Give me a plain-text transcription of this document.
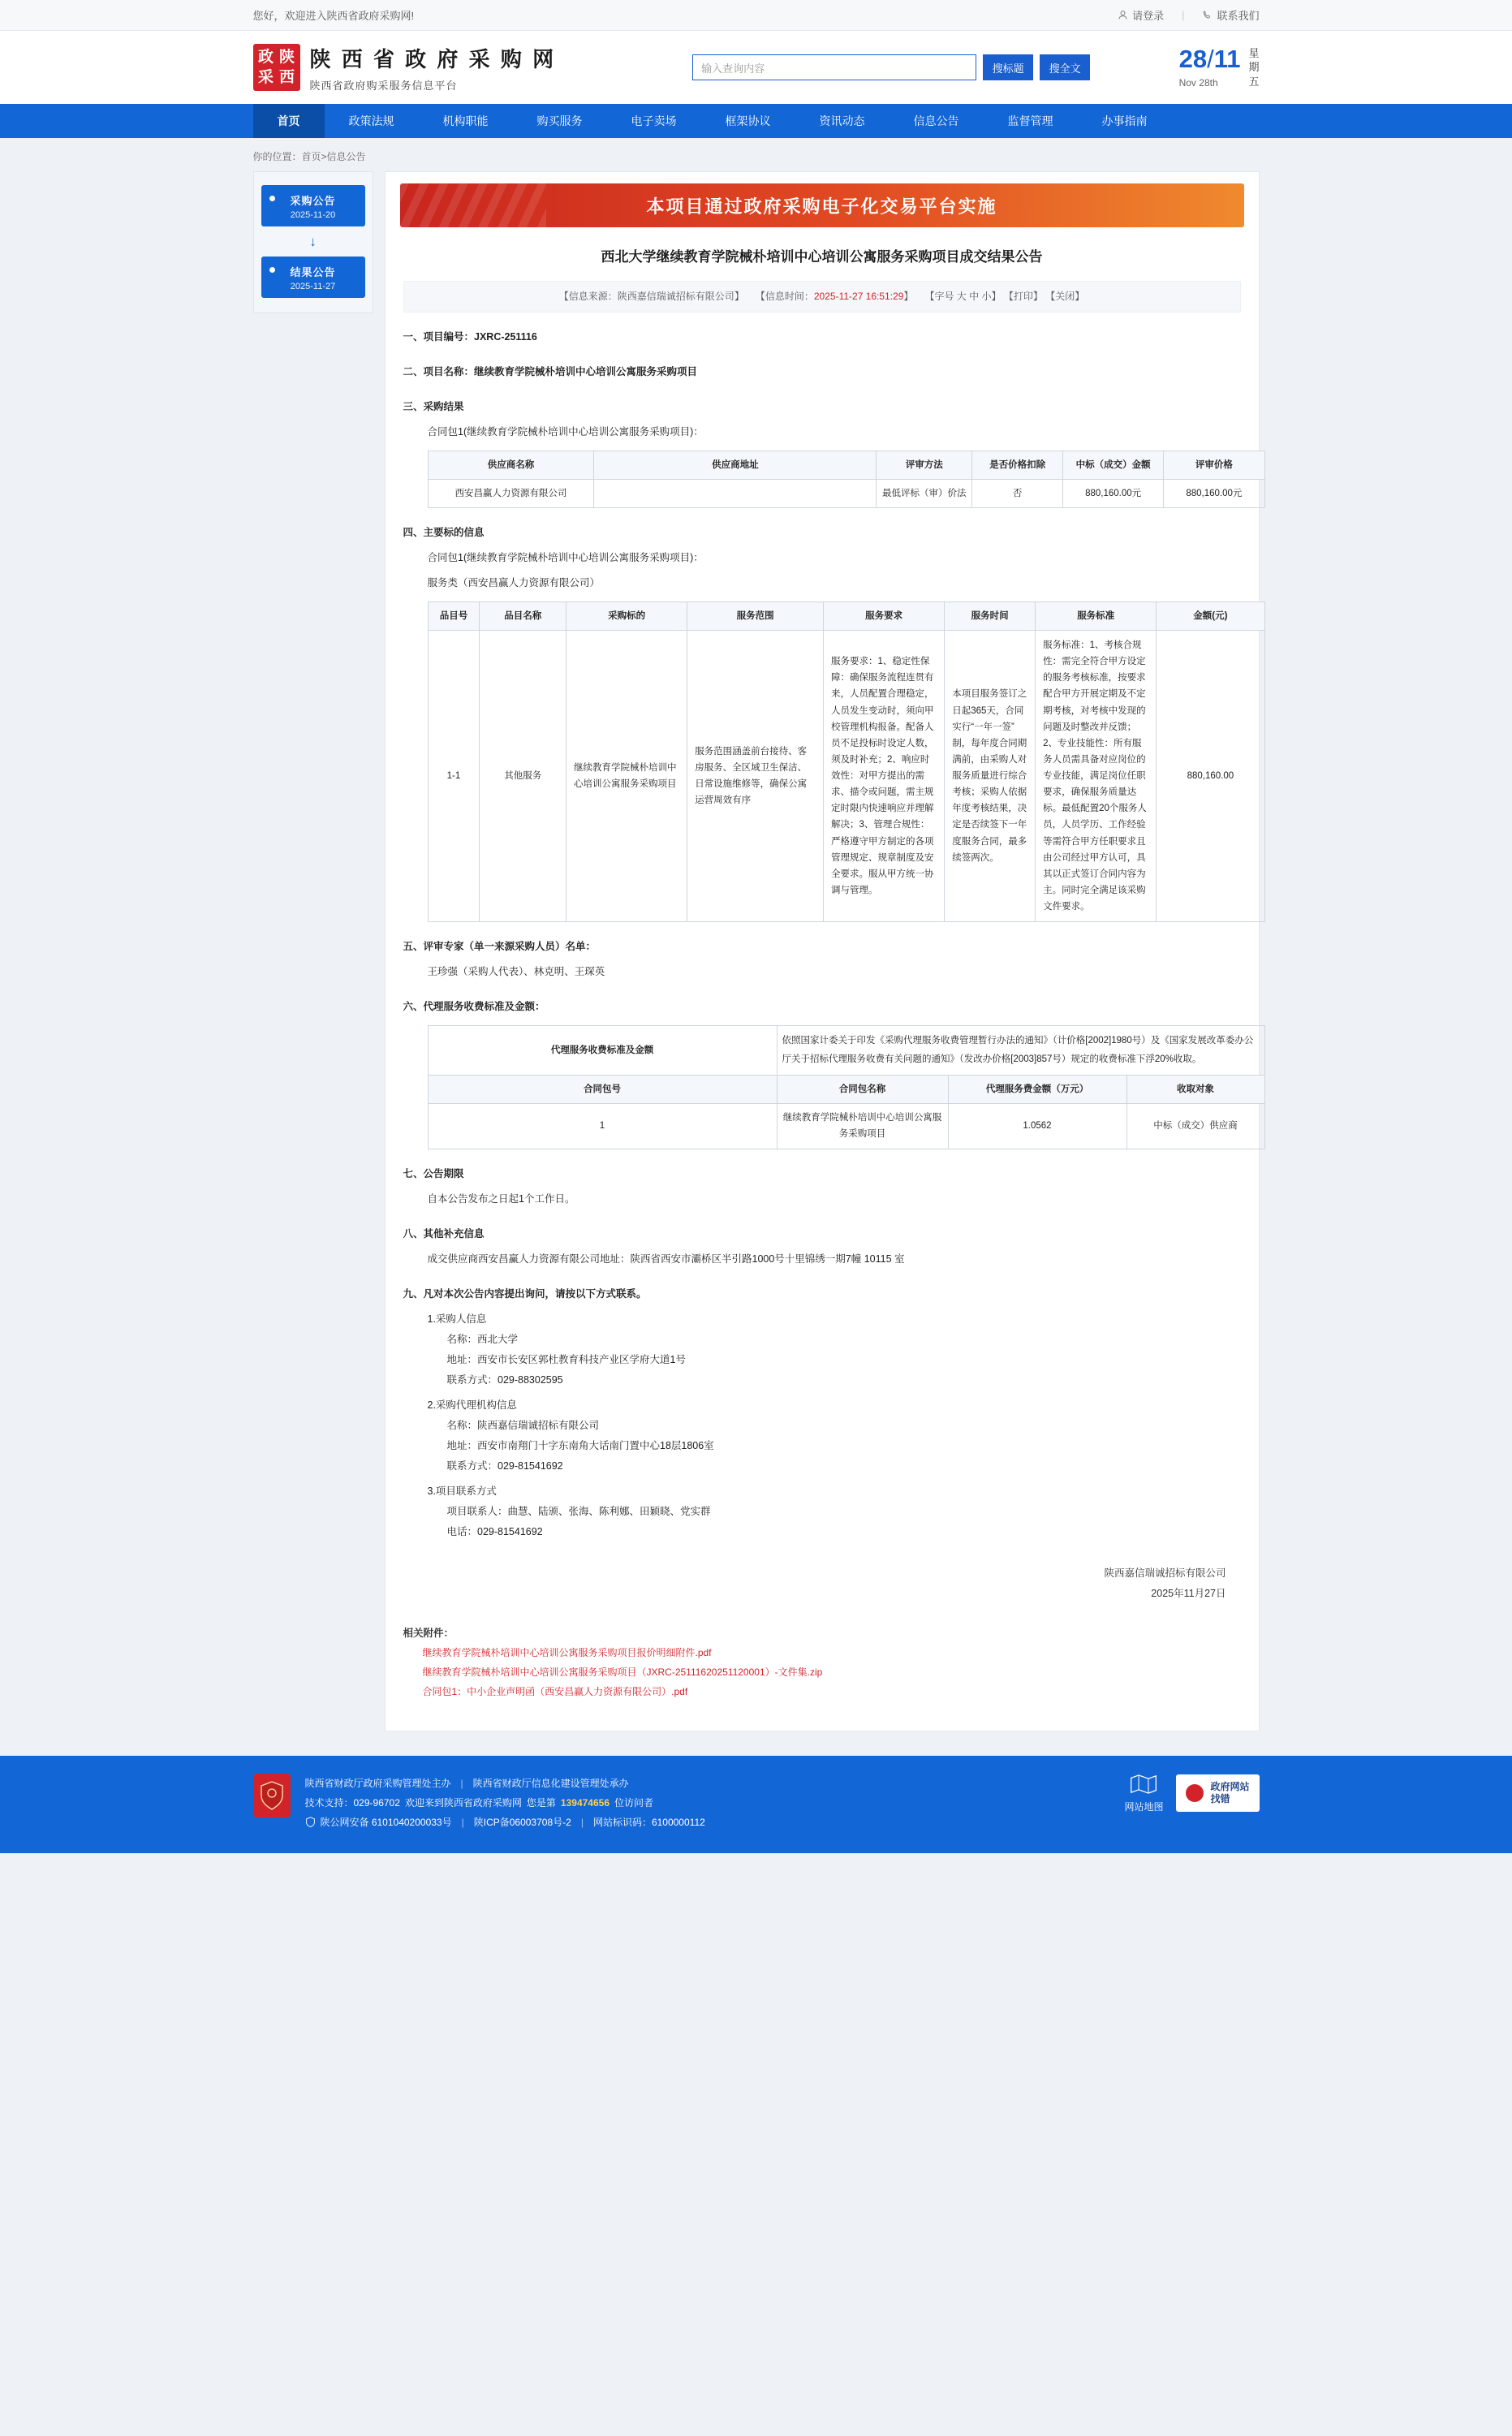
您好，欢迎进入陕西省政府采购网!	请登录 |	联系我们
政 陕
采 西
陕 西 省 政 府 采 购 网
陕西省政府购采服务信息平台
输入查询内容	搜标题	搜全文	28/11
Nov 28th
星
期
五
首页	政策法规	机构职能	购买服务	电子卖场	框架协议	资讯动态	信息公告	监督管理	办事指南
你的位置：首页>信息公告
采购公告
2025-11-20
↓
结果公告
2025-11-27
本项目通过政府采购电子化交易平台实施
西北大学继续教育学院械朴培训中心培训公寓服务采购项目成交结果公告
【信息来源：陕西嘉信瑞诚招标有限公司】 【信息时间：2025-11-27 16:51:29】 【字号 大 中 小】 【打印】 【关闭】
一、项目编号：JXRC-251116
二、项目名称：继续教育学院械朴培训中心培训公寓服务采购项目
三、采购结果
合同包1(继续教育学院械朴培训中心培训公寓服务采购项目)：
供应商名称	供应商地址	评审方法	是否价格扣除	中标（成交）金额	评审价格
西安昌赢人力资源有限公司		最低评标（审）价法	否	880,160.00元	880,160.00元
四、主要标的信息
合同包1(继续教育学院械朴培训中心培训公寓服务采购项目)：
服务类（西安昌赢人力资源有限公司）
品目号	品目名称	采购标的	服务范围	服务要求	服务时间	服务标准	金额(元)
1-1	其他服务	继续教育学院械朴培训中心培训公寓服务采购项目	服务范围涵盖前台接待、客房服务、全区域卫生保洁、日常设施维修等，确保公寓运营周效有序	服务要求：1、稳定性保障：确保服务流程连贯有来，人员配置合理稳定，人员发生变动时，须向甲校管理机构报备。配备人员不足投标时设定人数，须及时补充；2、响应时效性：对甲方提出的需求、描令或问题，需主规定时限内快速响应并理解解决；3、管理合规性：严格遵守甲方制定的各项管理规定、规章制度及安全要求。服从甲方统一协调与管理。	本项目服务签订之日起365天，合同实行“一年一签”制，每年度合同期满前，由采购人对服务质量进行综合考核；采购人依据年度考核结果，决定是否续签下一年度服务合同，最多续签两次。	服务标准：1、考核合规性：需完全符合甲方设定的服务考核标准，按要求配合甲方开展定期及不定期考核，对考核中发现的问题及时整改并反馈；2、专业技能性：所有服务人员需具备对应岗位的专业技能，满足岗位任职要求，确保服务质量达标。最低配置20个服务人员，人员学历、工作经验等需符合甲方任职要求且由公司经过甲方认可，具其以正式签订合同内容为主。同时完全满足该采购文件要求。	880,160.00
五、评审专家（单一来源采购人员）名单：
王珍强（采购人代表）、林克明、王琛英
六、代理服务收费标准及金额：
代理服务收费标准及金额	依照国家计委关于印发《采购代理服务收费管理暂行办法的通知》（计价格[2002]1980号）及《国家发展改革委办公厅关于招标代理服务收费有关问题的通知》（发改办价格[2003]857号）规定的收费标准下浮20%收取。		
合同包号	合同包名称	代理服务费金额（万元）	收取对象
1	继续教育学院械朴培训中心培训公寓服务采购项目	1.0562	中标（成交）供应商
七、公告期限
自本公告发布之日起1个工作日。
八、其他补充信息
成交供应商西安昌赢人力资源有限公司地址：陕西省西安市灞桥区半引路1000号十里锦绣一期7幢 10115 室
九、凡对本次公告内容提出询问，请按以下方式联系。
1.采购人信息
名称：西北大学
地址：西安市长安区郭杜教育科技产业区学府大道1号
联系方式：029-88302595
2.采购代理机构信息
名称：陕西嘉信瑞诚招标有限公司
地址：西安市南翔门十字东南角大话南门置中心18层1806室
联系方式：029-81541692
3.项目联系方式
项目联系人：曲慧、陆颁、张海、陈利娜、田颖晓、党实群
电话：029-81541692
陕西嘉信瑞诚招标有限公司
2025年11月27日
相关附件：
继续教育学院械朴培训中心培训公寓服务采购项目报价明细附件.pdf
继续教育学院械朴培训中心培训公寓服务采购项目（JXRC-25111620251120001）-文件集.zip
合同包1：中小企业声明函（西安昌赢人力资源有限公司）.pdf
陕西省财政厅政府采购管理处主办 | 陕西省财政厅信息化建设管理处承办
技术支持：029-96702 欢迎来到陕西省政府采购网 您是第 139474656 位访问者
陕公网安备 6101040200033号 | 陕ICP备06003708号-2 | 网站标识码：6100000112
网站地图
政府网站
找错
